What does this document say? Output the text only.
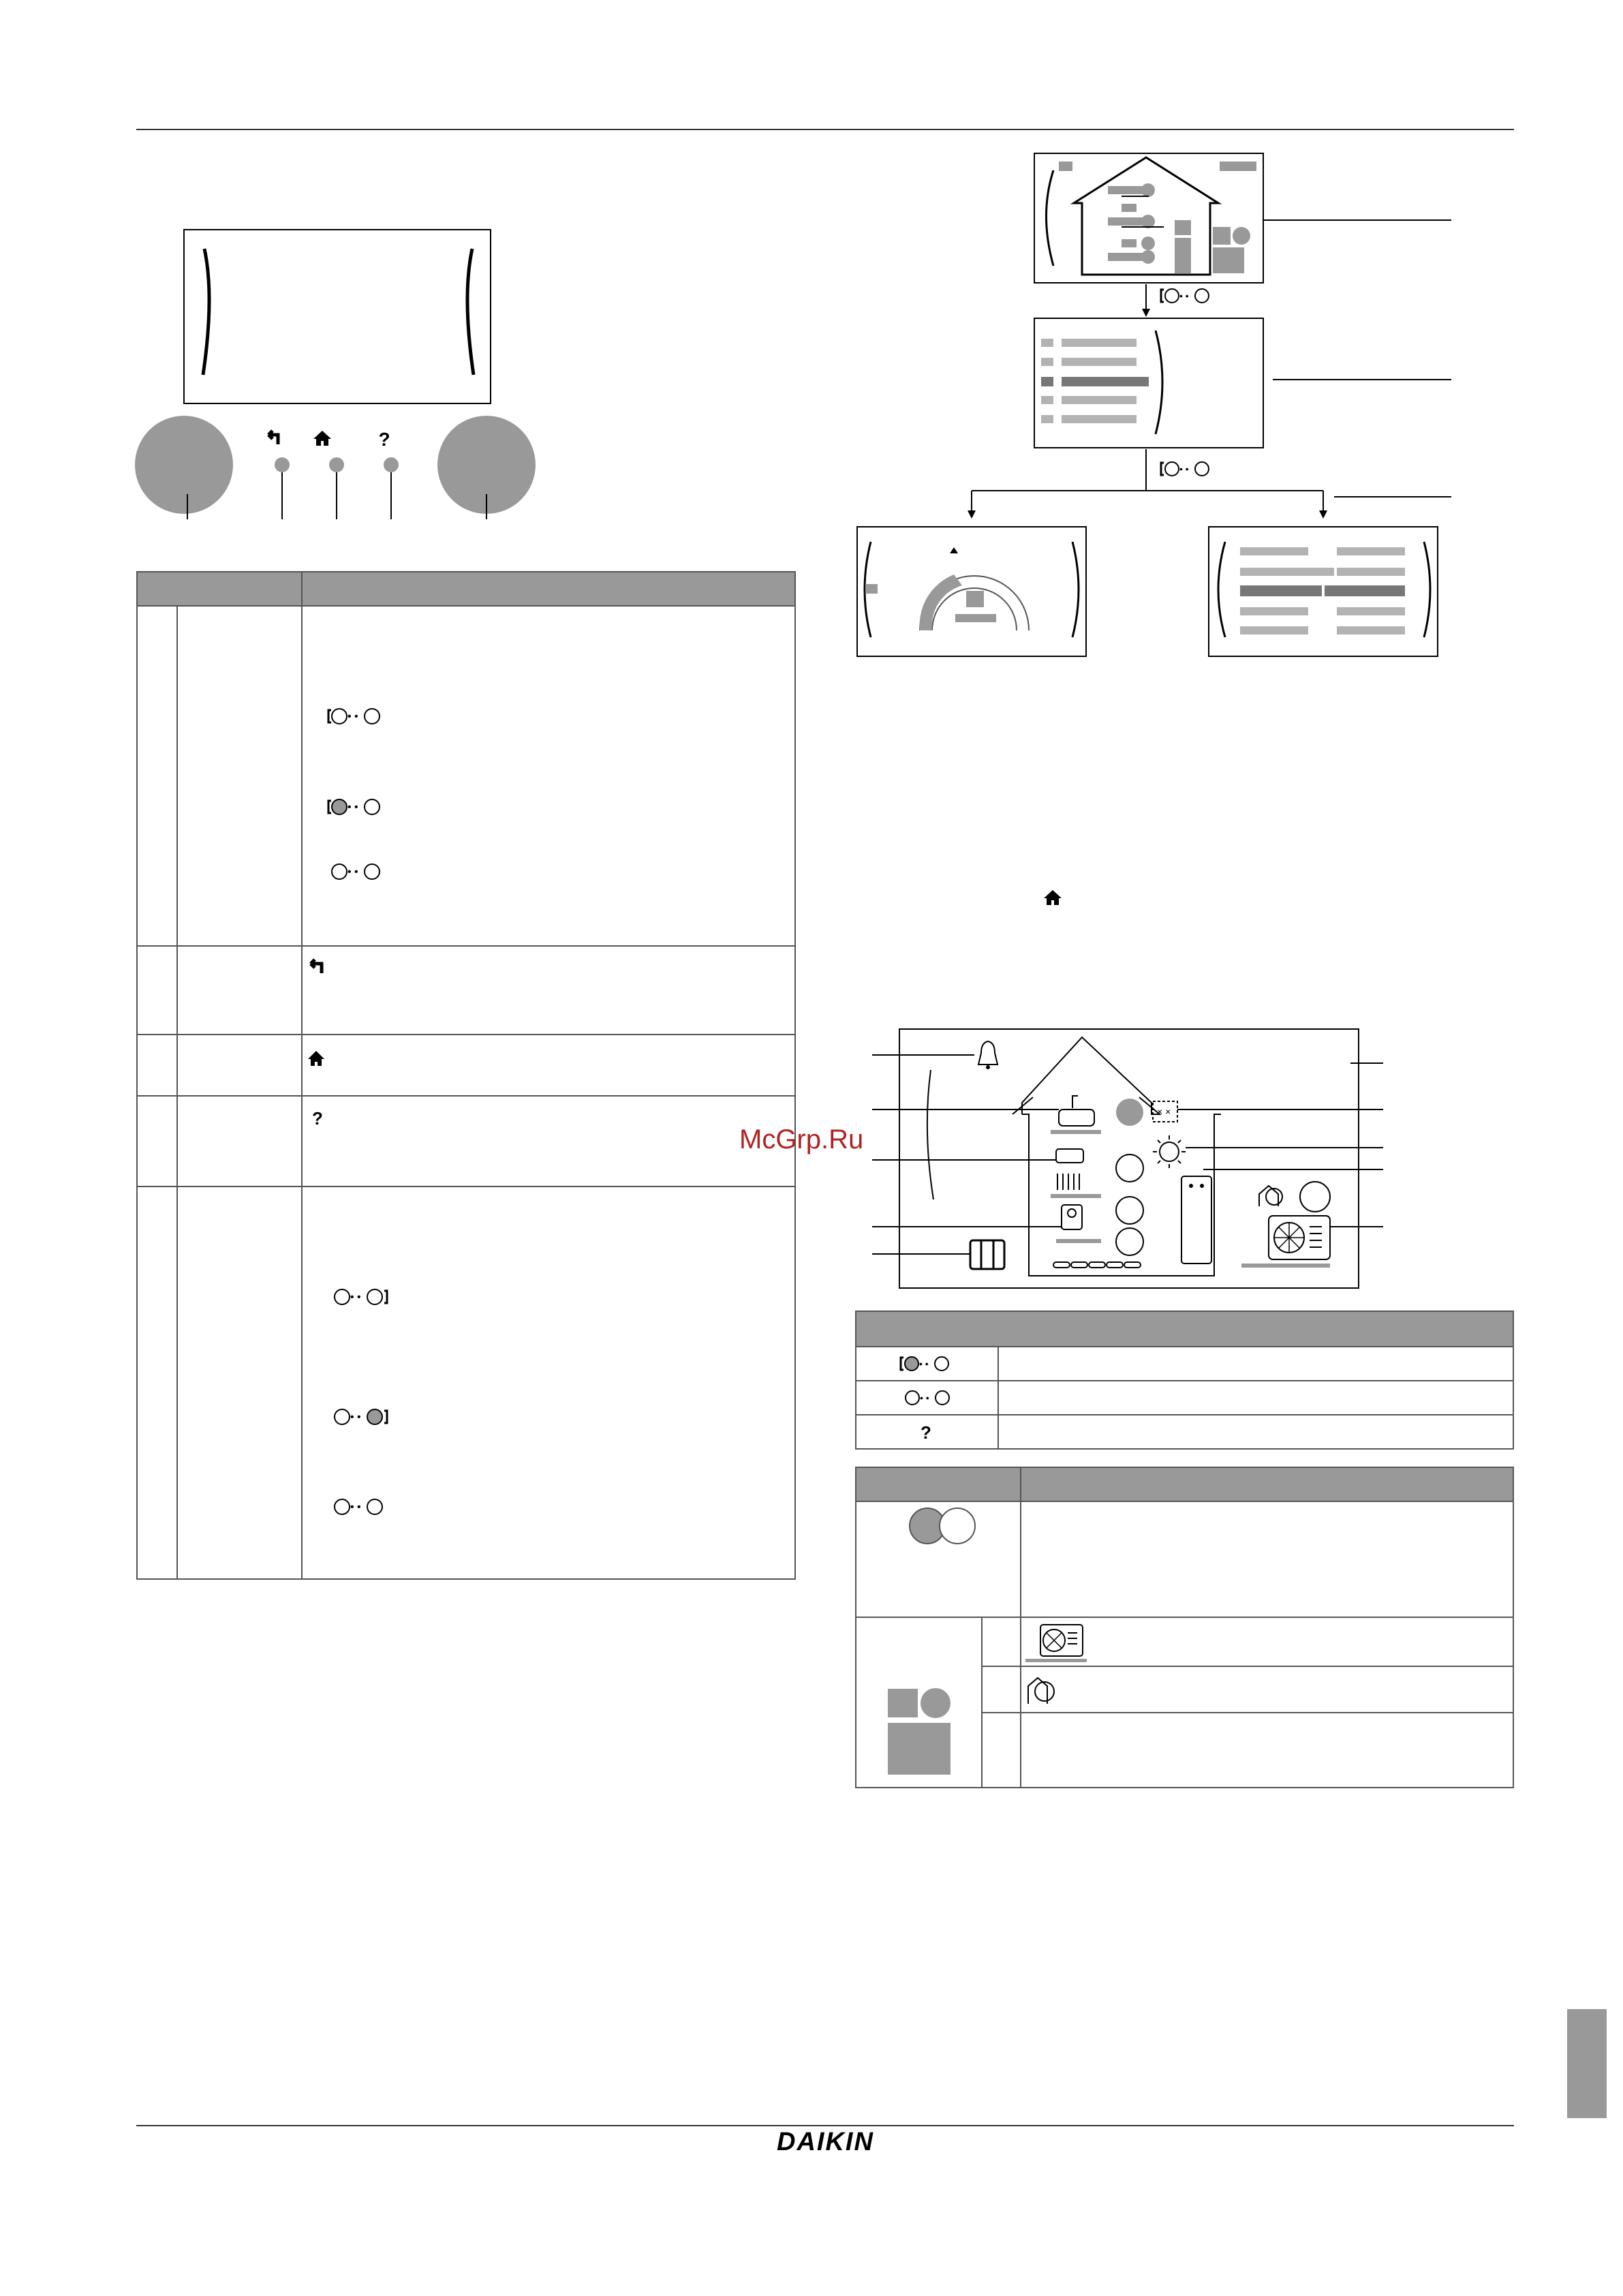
?
• •
• •
• •
?
• •
• •
• •
• •
• •
× ×
• •
• •
?
McGrp.Ru
DAIKIN
